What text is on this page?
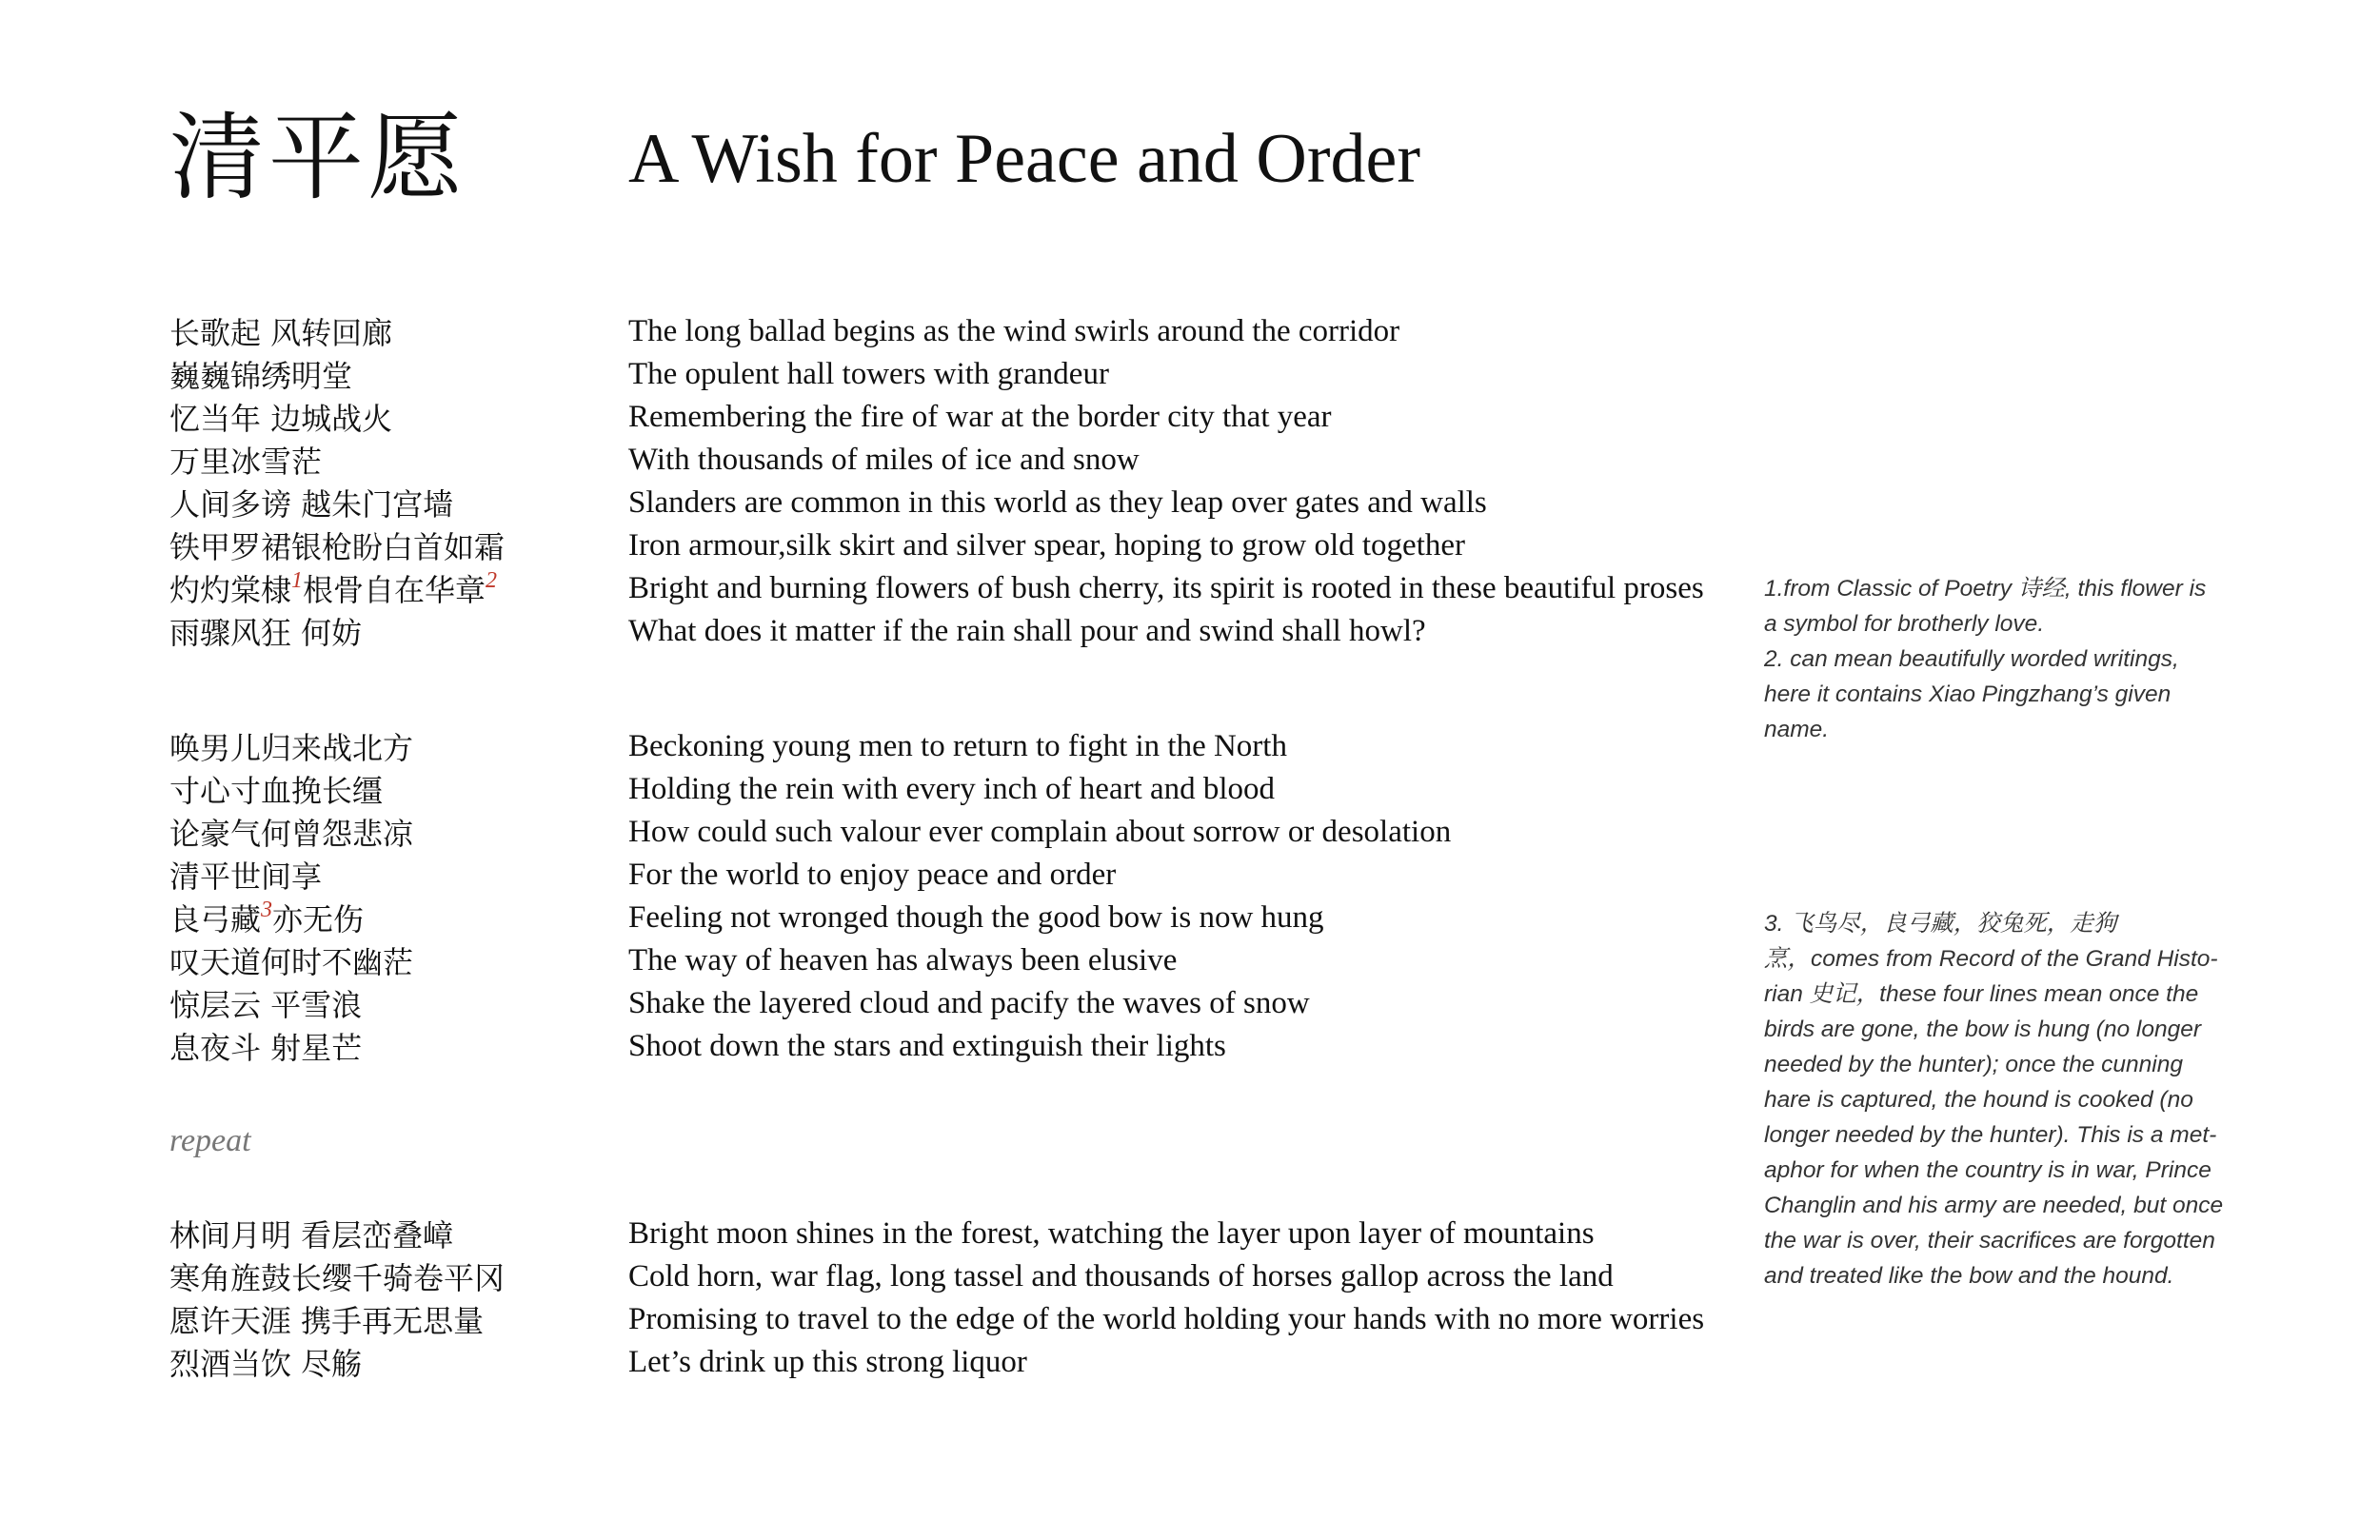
清平愿 A Wish for Peace and Order
长歌起 风转回廊
巍巍锦绣明堂
忆当年 边城战火
万里冰雪茫
人间多谤 越朱门宫墙
铁甲罗裙银枪盼白首如霜
灼灼棠棣$^1$根骨自在华章$^2$
雨骤风狂 何妨
The long ballad begins as the wind swirls around the corridor
The opulent hall towers with grandeur
Remembering the fire of war at the border city that year
With thousands of miles of ice and snow
Slanders are common in this world as they leap over gates and walls
Iron armour,silk skirt and silver spear, hoping to grow old together
Bright and burning flowers of bush cherry, its spirit is rooted in these beautiful proses
What does it matter if the rain shall pour and swind shall howl?
唤男儿归来战北方
寸心寸血挽长缰
论豪气何曾怨悲凉
清平世间享
良弓藏$^3$亦无伤
叹天道何时不幽茫
惊层云 平雪浪
息夜斗 射星芒
Beckoning young men to return to fight in the North
Holding the rein with every inch of heart and blood
How could such valour ever complain about sorrow or desolation
For the world to enjoy peace and order
Feeling not wronged though the good bow is now hung
The way of heaven has always been elusive
Shake the layered cloud and pacify the waves of snow
Shoot down the stars and extinguish their lights
repeat
林间月明 看层峦叠嶂
寒角旌鼓长缨千骑卷平冈
愿许天涯 携手再无思量
烈酒当饮 尽觞
Bright moon shines in the forest, watching the layer upon layer of mountains
Cold horn, war flag, long tassel and thousands of horses gallop across the land
Promising to travel to the edge of the world holding your hands with no more worries
Let’s drink up this strong liquor
1.from Classic of Poetry 诗经, this flower is
a symbol for brotherly love.
2. can mean beautifully worded writings,
here it contains Xiao Pingzhang’s given
name.
3. 飞鸟尽，良弓藏，狡兔死，走狗
烹，comes from Record of the Grand Histo-
rian 史记，these four lines mean once the
birds are gone, the bow is hung (no longer
needed by the hunter); once the cunning
hare is captured, the hound is cooked (no
longer needed by the hunter). This is a met-
aphor for when the country is in war, Prince
Changlin and his army are needed, but once
the war is over, their sacrifices are forgotten
and treated like the bow and the hound.
